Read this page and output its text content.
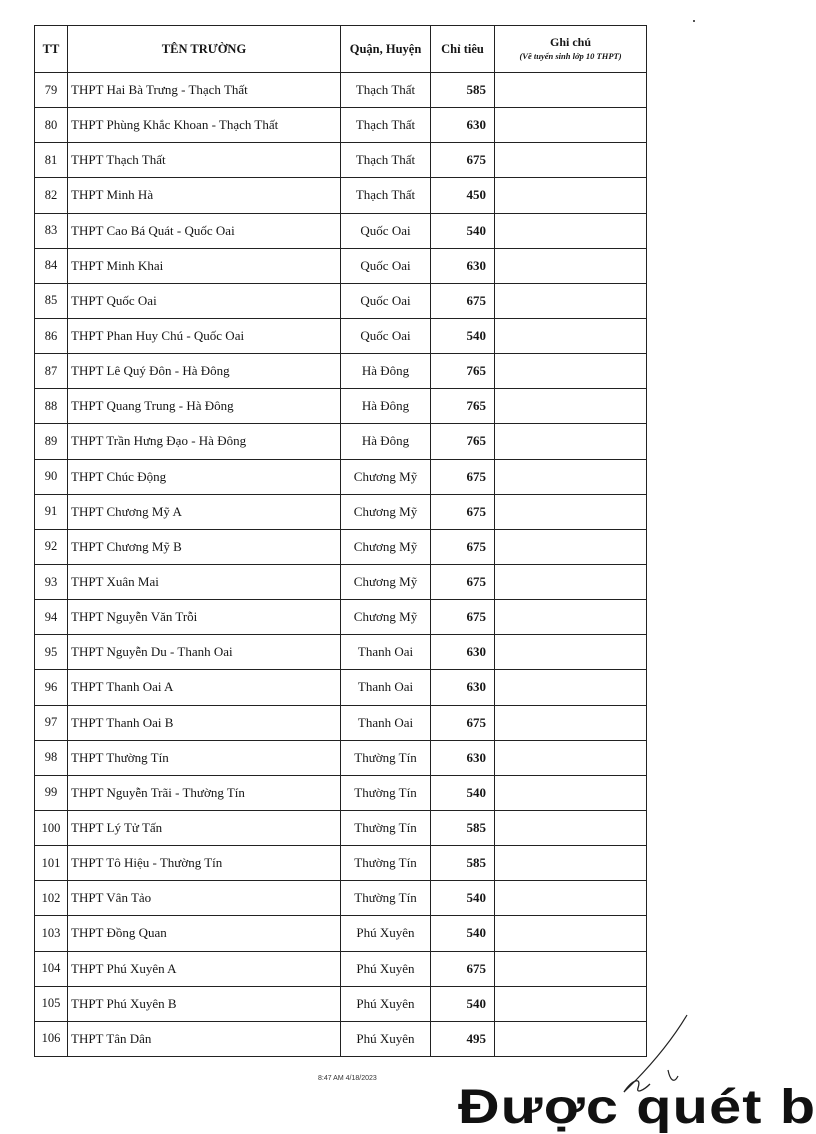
TT	TÊN TRƯỜNG	Quận, Huyện	Chỉ tiêu	Ghi chú
(Về tuyển sinh lớp 10 THPT)

79	THPT Hai Bà Trưng - Thạch Thất	Thạch Thất	585	
80	THPT Phùng Khắc Khoan - Thạch Thất	Thạch Thất	630	
81	THPT Thạch Thất	Thạch Thất	675	
82	THPT Minh Hà	Thạch Thất	450	
83	THPT Cao Bá Quát - Quốc Oai	Quốc Oai	540	
84	THPT Minh Khai	Quốc Oai	630	
85	THPT Quốc Oai	Quốc Oai	675	
86	THPT Phan Huy Chú - Quốc Oai	Quốc Oai	540	
87	THPT Lê Quý Đôn - Hà Đông	Hà Đông	765	
88	THPT Quang Trung - Hà Đông	Hà Đông	765	
89	THPT Trần Hưng Đạo - Hà Đông	Hà Đông	765	
90	THPT Chúc Động	Chương Mỹ	675	
91	THPT Chương Mỹ A	Chương Mỹ	675	
92	THPT Chương Mỹ B	Chương Mỹ	675	
93	THPT Xuân Mai	Chương Mỹ	675	
94	THPT Nguyễn Văn Trỗi	Chương Mỹ	675	
95	THPT Nguyễn Du - Thanh Oai	Thanh Oai	630	
96	THPT Thanh Oai A	Thanh Oai	630	
97	THPT Thanh Oai B	Thanh Oai	675	
98	THPT Thường Tín	Thường Tín	630	
99	THPT Nguyễn Trãi - Thường Tín	Thường Tín	540	
100	THPT Lý Tử Tấn	Thường Tín	585	
101	THPT Tô Hiệu - Thường Tín	Thường Tín	585	
102	THPT Vân Tảo	Thường Tín	540	
103	THPT Đồng Quan	Phú Xuyên	540	
104	THPT Phú Xuyên A	Phú Xuyên	675	
105	THPT Phú Xuyên B	Phú Xuyên	540	
106	THPT Tân Dân	Phú Xuyên	495	
8:47 AM 4/18/2023
Được quét b
